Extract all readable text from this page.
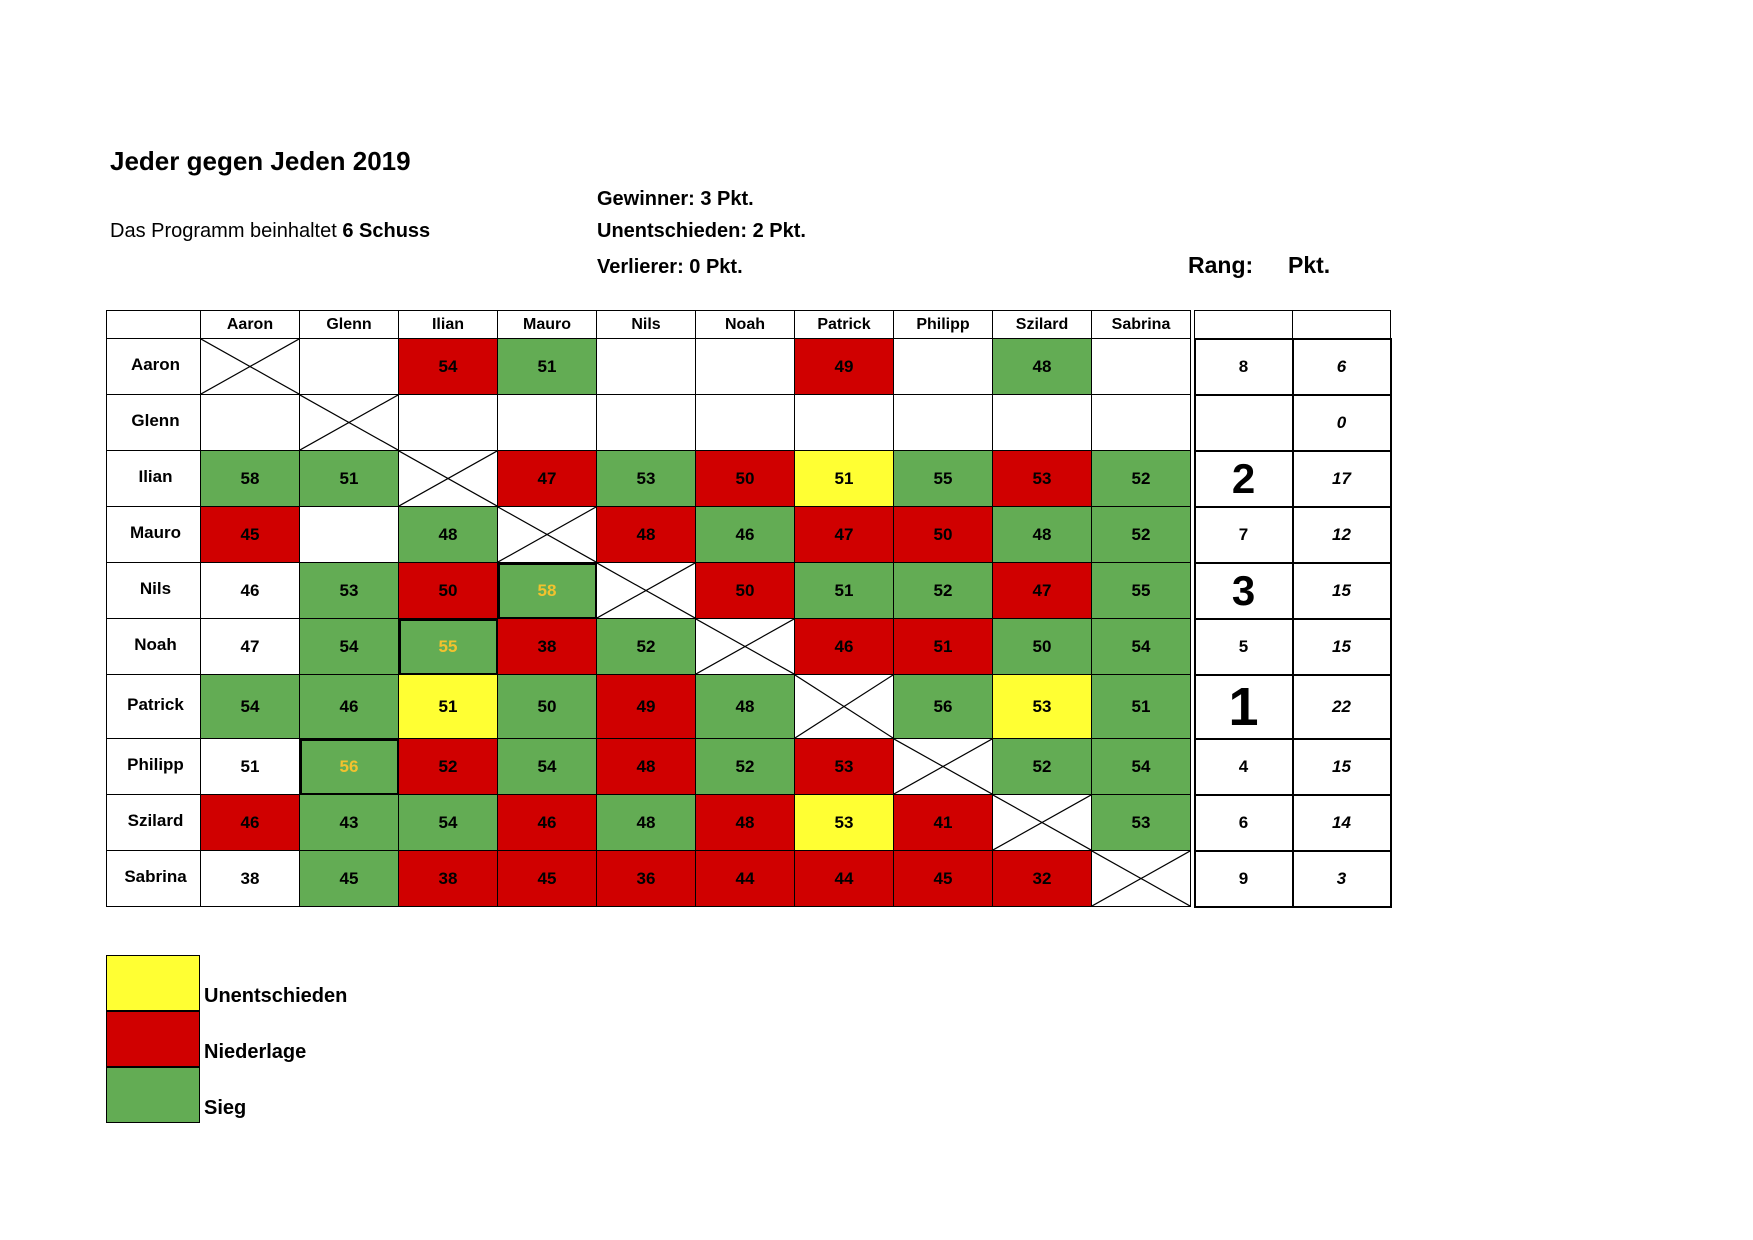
Jeder gegen Jeden 2019
Das Programm beinhaltet 6 Schuss
Gewinner: 3 Pkt.
Unentschieden: 2 Pkt.
Verlierer: 0 Pkt.	Rang: Pkt.
	Aaron	Glenn	Ilian	Mauro	Nils	Noah	Patrick	Philipp	Szilard	Sabrina			
Aaron			54	51			49		48			8	6
Glenn													0
Ilian	58	51		47	53	50	51	55	53	52		2	17
Mauro	45		48		48	46	47	50	48	52		7	12
Nils	46	53	50	58		50	51	52	47	55		3	15
Noah	47	54	55	38	52		46	51	50	54		5	15
Patrick	54	46	51	50	49	48		56	53	51		1	22
Philipp	51	56	52	54	48	52	53		52	54		4	15
Szilard	46	43	54	46	48	48	53	41		53		6	14
Sabrina	38	45	38	45	36	44	44	45	32			9	3
Unentschieden
Niederlage
Sieg
